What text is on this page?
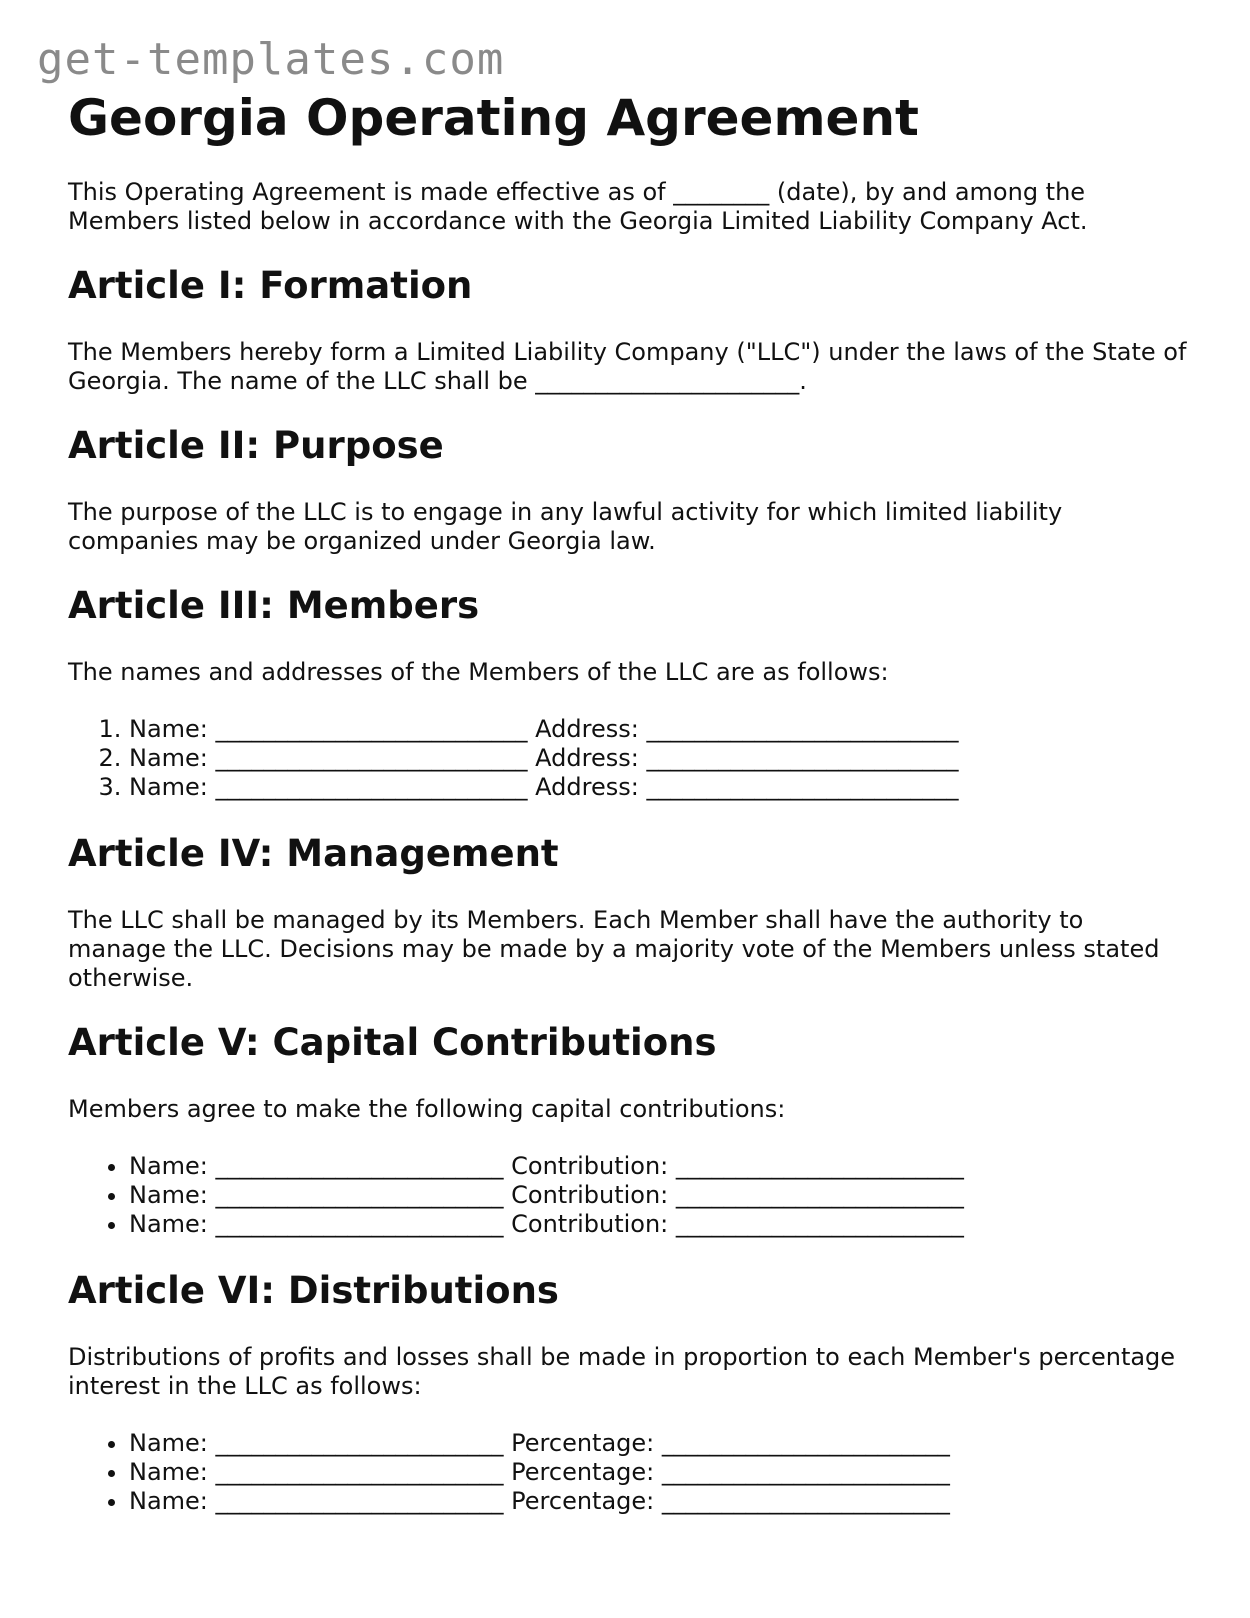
get-templates.com
Georgia Operating Agreement

This Operating Agreement is made effective as of ________ (date), by and among the Members listed below in accordance with the Georgia Limited Liability Company Act.

Article I: Formation

The Members hereby form a Limited Liability Company ("LLC") under the laws of the State of Georgia. The name of the LLC shall be ______________________.

Article II: Purpose

The purpose of the LLC is to engage in any lawful activity for which limited liability companies may be organized under Georgia law.

Article III: Members

The names and addresses of the Members of the LLC are as follows:

1. Name: __________________________ Address: __________________________
2. Name: __________________________ Address: __________________________
3. Name: __________________________ Address: __________________________
Article IV: Management

The LLC shall be managed by its Members. Each Member shall have the authority to manage the LLC. Decisions may be made by a majority vote of the Members unless stated otherwise.

Article V: Capital Contributions

Members agree to make the following capital contributions:

• Name: ________________________ Contribution: ________________________
• Name: ________________________ Contribution: ________________________
• Name: ________________________ Contribution: ________________________
Article VI: Distributions

Distributions of profits and losses shall be made in proportion to each Member's percentage interest in the LLC as follows:

• Name: ________________________ Percentage: ________________________
• Name: ________________________ Percentage: ________________________
• Name: ________________________ Percentage: ________________________
